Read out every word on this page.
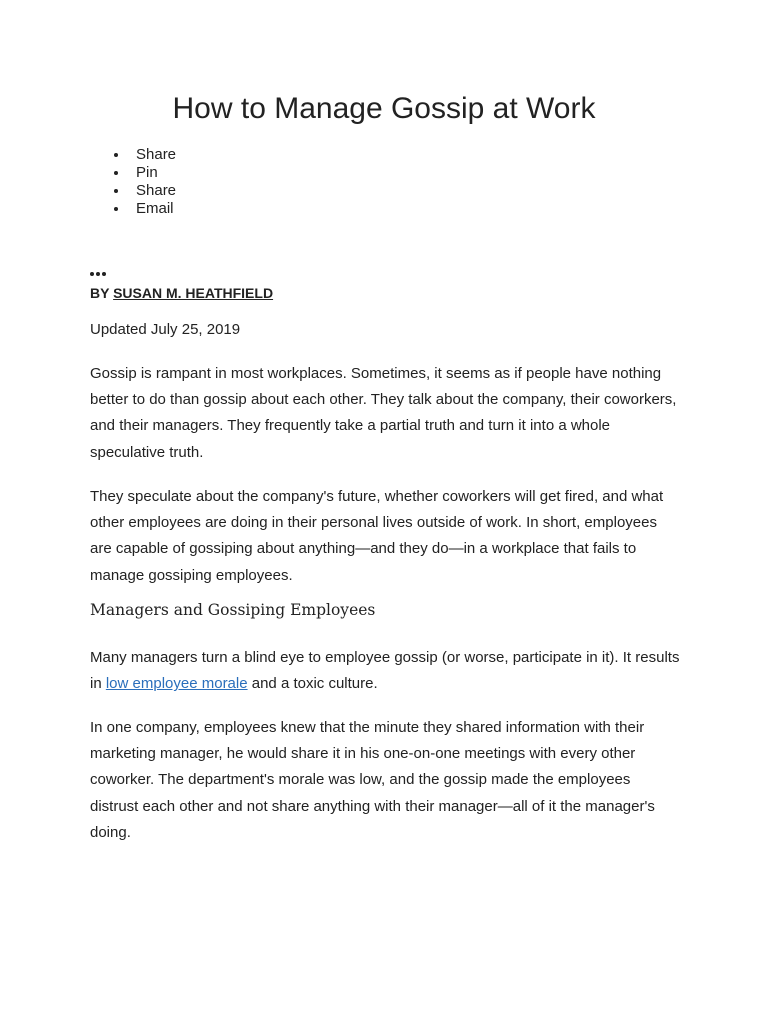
How to Manage Gossip at Work
Share
Pin
Share
Email

BY SUSAN M. HEATHFIELD

Updated July 25, 2019

Gossip is rampant in most workplaces. Sometimes, it seems as if people have nothing better to do than gossip about each other. They talk about the company, their coworkers, and their managers. They frequently take a partial truth and turn it into a whole speculative truth.

They speculate about the company's future, whether coworkers will get fired, and what other employees are doing in their personal lives outside of work. In short, employees are capable of gossiping about anything—and they do—in a workplace that fails to manage gossiping employees.

Managers and Gossiping Employees

Many managers turn a blind eye to employee gossip (or worse, participate in it). It results in low employee morale and a toxic culture.

In one company, employees knew that the minute they shared information with their marketing manager, he would share it in his one-on-one meetings with every other coworker. The department's morale was low, and the gossip made the employees distrust each other and not share anything with their manager—all of it the manager's doing.
